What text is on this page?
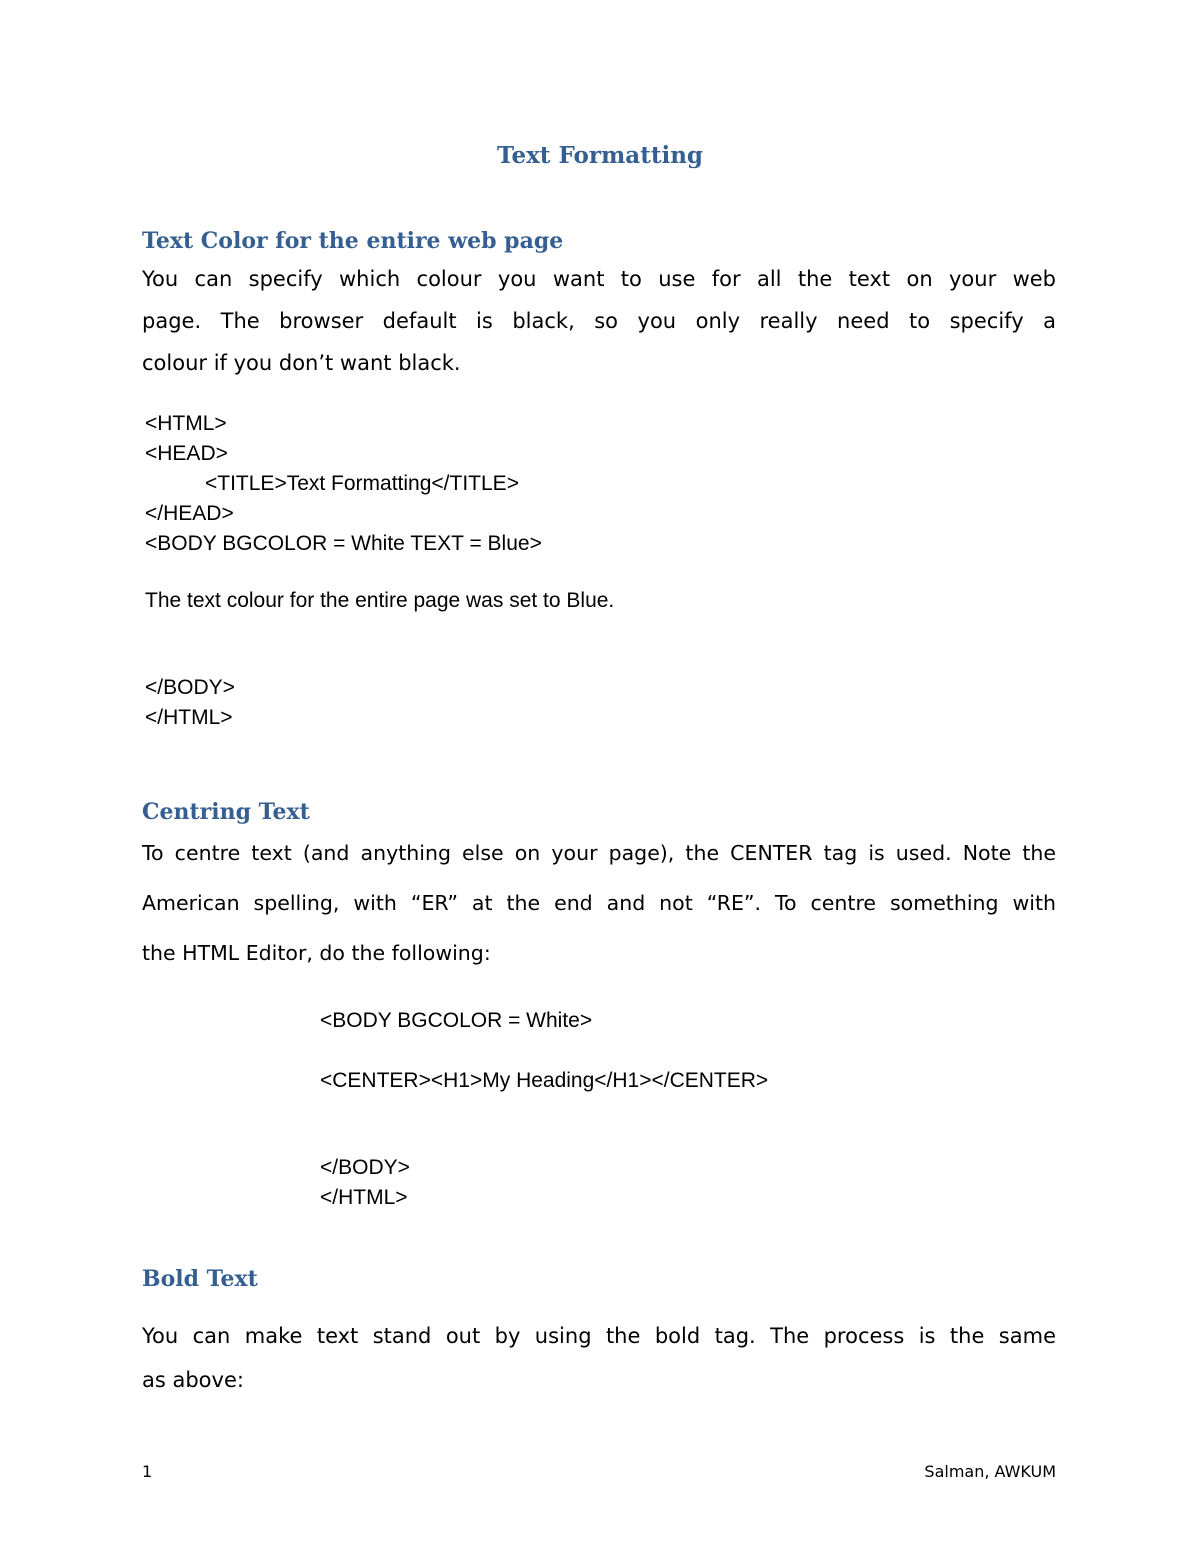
Text Formatting
Text Color for the entire web page
You can specify which colour you want to use for all the text on your web
page. The browser default is black, so you only really need to specify a
colour if you don’t want black.
<HTML>
<HEAD>
<TITLE>Text Formatting</TITLE>
</HEAD>
<BODY BGCOLOR = White TEXT = Blue>
The text colour for the entire page was set to Blue.
</BODY>
</HTML>
Centring Text
To centre text (and anything else on your page), the CENTER tag is used. Note the
American spelling, with “ER” at the end and not “RE”. To centre something with
the HTML Editor, do the following:
<BODY BGCOLOR = White>
<CENTER><H1>My Heading</H1></CENTER>
</BODY>
</HTML>
Bold Text
You can make text stand out by using the bold tag. The process is the same
as above:
1	Salman, AWKUM
